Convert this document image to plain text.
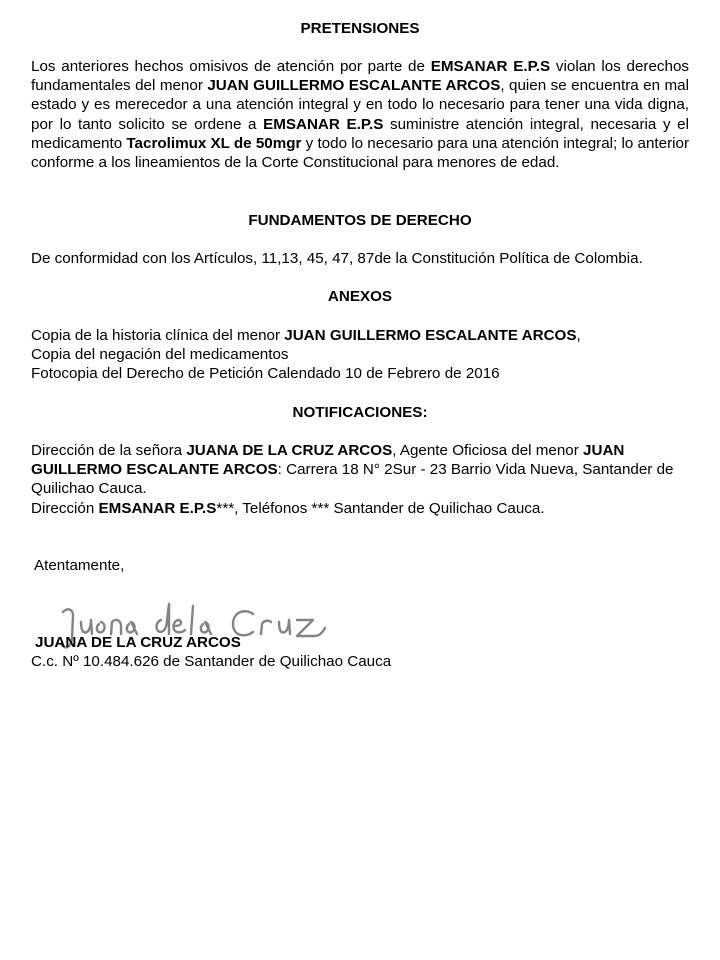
PRETENSIONES

Los anteriores hechos omisivos de atención por parte de EMSANAR E.P.S violan los derechos fundamentales del menor JUAN GUILLERMO ESCALANTE ARCOS, quien se encuentra en mal estado y es merecedor a una atención integral y en todo lo necesario para tener una vida digna, por lo tanto solicito se ordene a EMSANAR E.P.S suministre atención integral, necesaria y el medicamento Tacrolimux XL de 50mgr y todo lo necesario para una atención integral; lo anterior conforme a los lineamientos de la Corte Constitucional para menores de edad.

FUNDAMENTOS DE DERECHO

De conformidad con los Artículos, 11,13, 45, 47, 87de la Constitución Política de Colombia.

ANEXOS

Copia de la historia clínica del menor JUAN GUILLERMO ESCALANTE ARCOS,
Copia del negación del medicamentos
Fotocopia del Derecho de Petición Calendado 10 de Febrero de 2016

NOTIFICACIONES:

Dirección de la señora JUANA DE LA CRUZ ARCOS, Agente Oficiosa del menor JUAN GUILLERMO ESCALANTE ARCOS: Carrera 18 N° 2Sur - 23 Barrio Vida Nueva, Santander de Quilichao Cauca.
Dirección EMSANAR E.P.S***, Teléfonos *** Santander de Quilichao Cauca.

Atentamente,

Juana dela Cruz
JUANA DE LA CRUZ ARCOS
C.c. Nº 10.484.626 de Santander de Quilichao Cauca
